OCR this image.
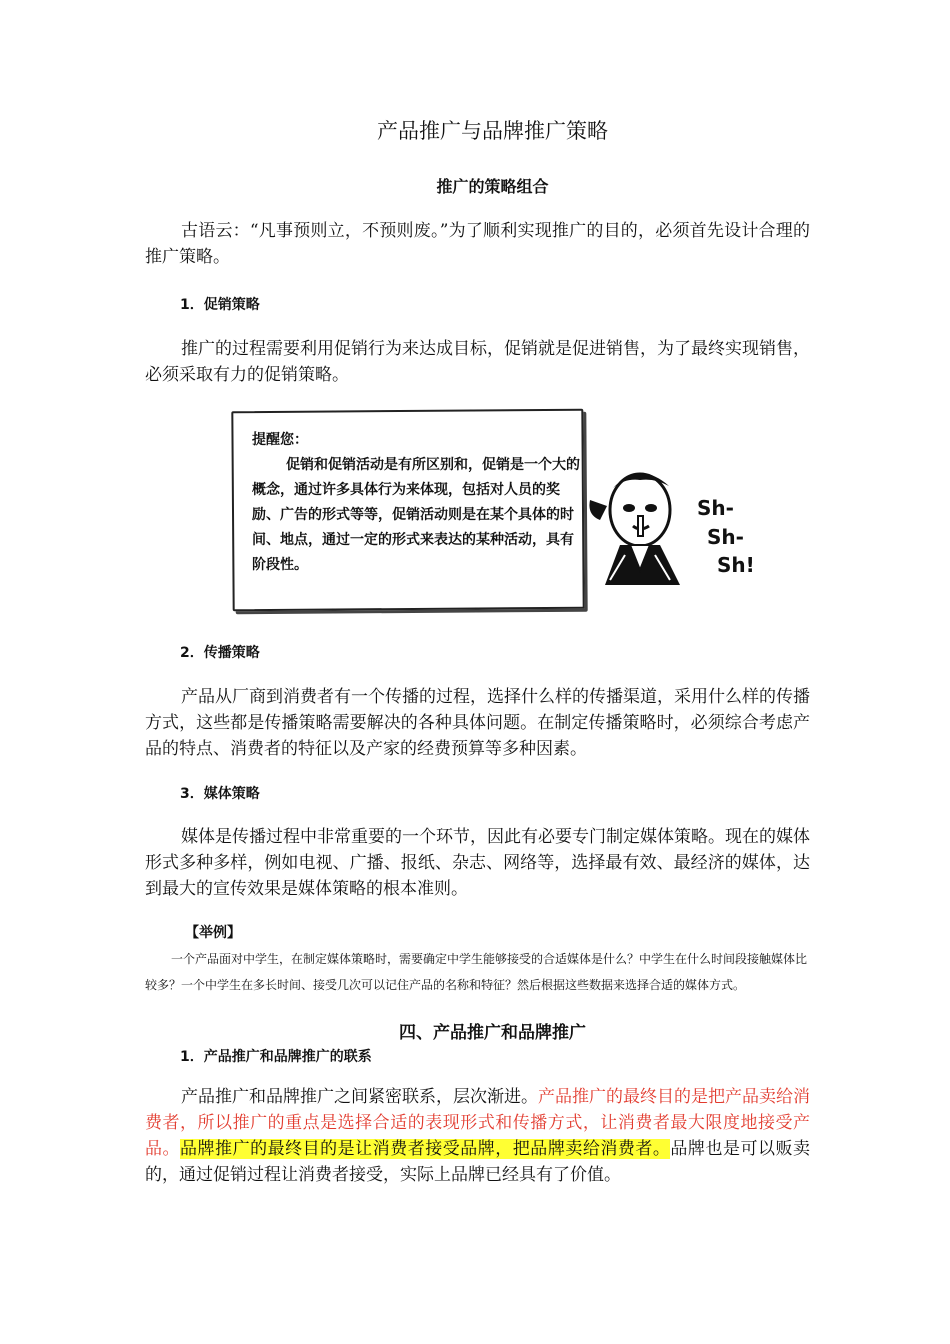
产品推广与品牌推广策略
推广的策略组合
古语云：“凡事预则立，不预则废。”为了顺利实现推广的目的，必须首先设计合理的推广策略。
1．促销策略
推广的过程需要利用促销行为来达成目标，促销就是促进销售，为了最终实现销售，必须采取有力的促销策略。
提醒您：
促销和促销活动是有所区别和，促销是一个大的概念，通过许多具体行为来体现，包括对人员的奖励、广告的形式等等，促销活动则是在某个具体的时间、地点，通过一定的形式来表达的某种活动，具有阶段性。
Sh-
Sh-
Sh!
2．传播策略
产品从厂商到消费者有一个传播的过程，选择什么样的传播渠道，采用什么样的传播方式，这些都是传播策略需要解决的各种具体问题。在制定传播策略时，必须综合考虑产品的特点、消费者的特征以及产家的经费预算等多种因素。
3．媒体策略
媒体是传播过程中非常重要的一个环节，因此有必要专门制定媒体策略。现在的媒体形式多种多样，例如电视、广播、报纸、杂志、网络等，选择最有效、最经济的媒体，达到最大的宣传效果是媒体策略的根本准则。
【举例】
一个产品面对中学生，在制定媒体策略时，需要确定中学生能够接受的合适媒体是什么？中学生在什么时间段接触媒体比较多？一个中学生在多长时间、接受几次可以记住产品的名称和特征？然后根据这些数据来选择合适的媒体方式。
四、产品推广和品牌推广
1．产品推广和品牌推广的联系
产品推广和品牌推广之间紧密联系，层次渐进。产品推广的最终目的是把产品卖给消费者，所以推广的重点是选择合适的表现形式和传播方式，让消费者最大限度地接受产品。品牌推广的最终目的是让消费者接受品牌，把品牌卖给消费者。品牌也是可以贩卖的，通过促销过程让消费者接受，实际上品牌已经具有了价值。
